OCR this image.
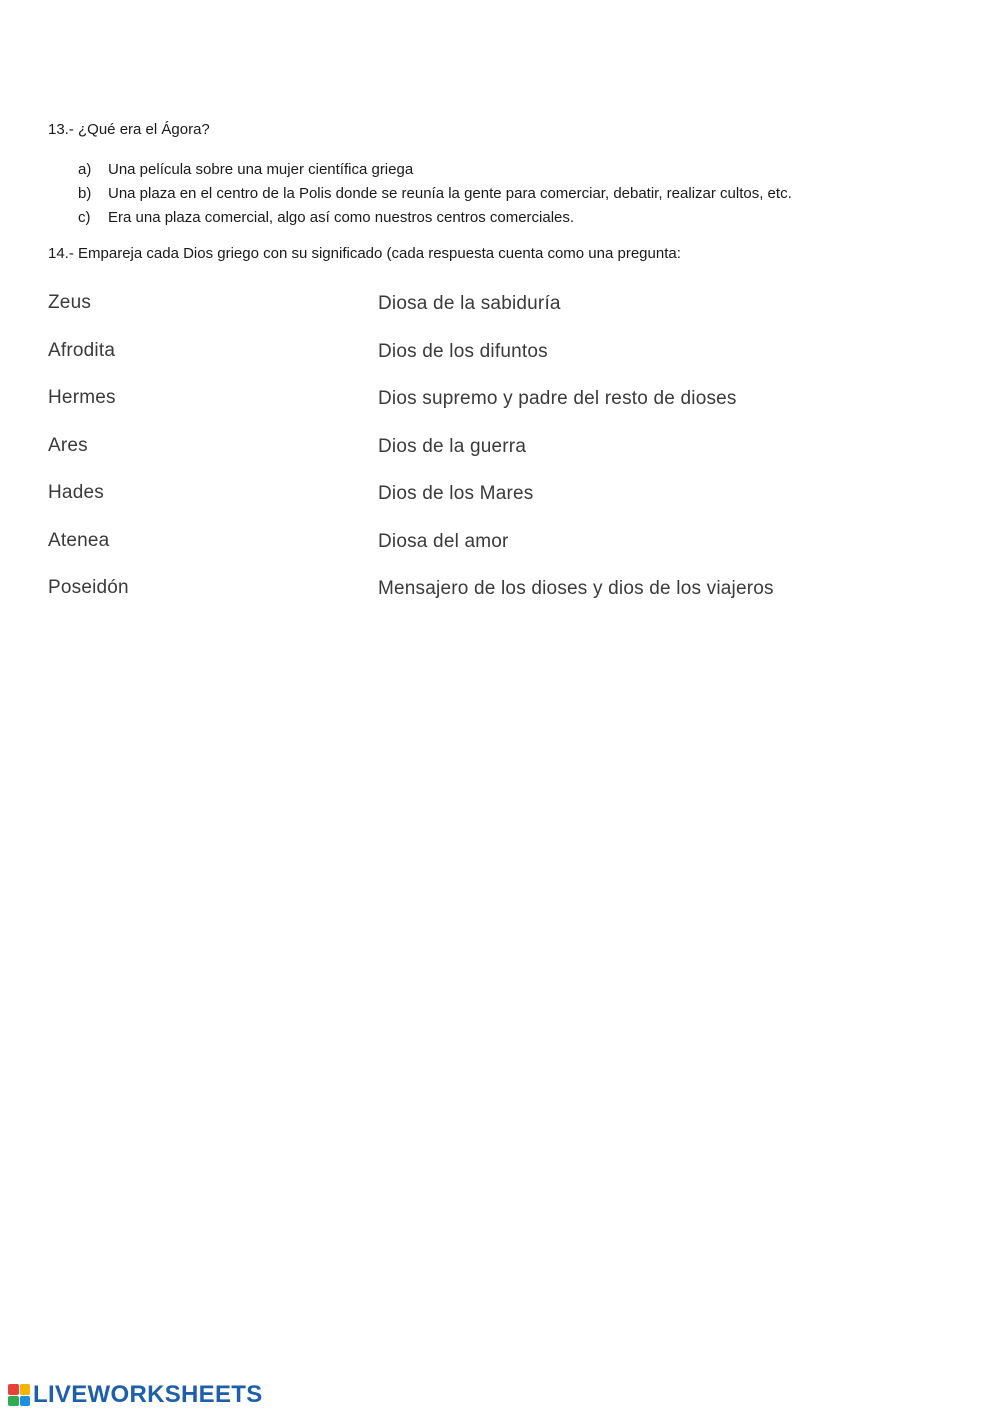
13.- ¿Qué era el Ágora?
a)	Una película sobre una mujer científica griega
b)	Una plaza en el centro de la Polis donde se reunía la gente para comerciar, debatir, realizar cultos, etc.
c)	Era una plaza comercial, algo así como nuestros centros comerciales.
14.- Empareja cada Dios griego con su significado (cada respuesta cuenta como una pregunta:
Zeus	Diosa de la sabiduría
Afrodita	Dios de los difuntos
Hermes	Dios supremo y padre del resto de dioses
Ares	Dios de la guerra
Hades	Dios de los Mares
Atenea	Diosa del amor
Poseidón	Mensajero de los dioses y dios de los viajeros
LIVEWORKSHEETS
